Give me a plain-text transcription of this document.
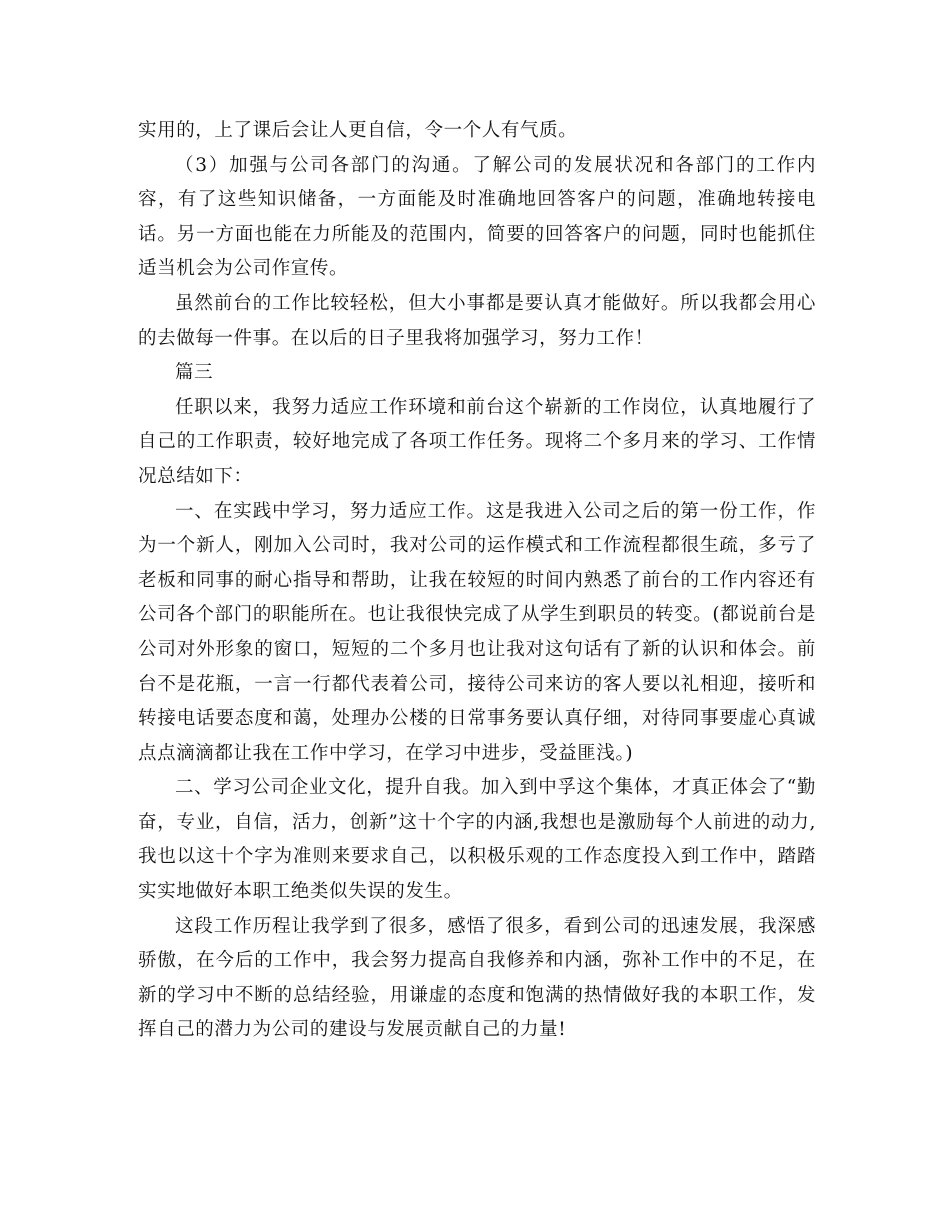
实用的，上了课后会让人更自信，令一个人有气质。

（3）加强与公司各部门的沟通。了解公司的发展状况和各部门的工作内容，有了这些知识储备，一方面能及时准确地回答客户的问题，准确地转接电话。另一方面也能在力所能及的范围内，简要的回答客户的问题，同时也能抓住适当机会为公司作宣传。

虽然前台的工作比较轻松，但大小事都是要认真才能做好。所以我都会用心的去做每一件事。在以后的日子里我将加强学习，努力工作！

篇三

任职以来，我努力适应工作环境和前台这个崭新的工作岗位，认真地履行了自己的工作职责，较好地完成了各项工作任务。现将二个多月来的学习、工作情况总结如下：

一、在实践中学习，努力适应工作。这是我进入公司之后的第一份工作，作为一个新人，刚加入公司时，我对公司的运作模式和工作流程都很生疏，多亏了老板和同事的耐心指导和帮助，让我在较短的时间内熟悉了前台的工作内容还有公司各个部门的职能所在。也让我很快完成了从学生到职员的转变。(都说前台是公司对外形象的窗口，短短的二个多月也让我对这句话有了新的认识和体会。前台不是花瓶，一言一行都代表着公司，接待公司来访的客人要以礼相迎，接听和转接电话要态度和蔼，处理办公楼的日常事务要认真仔细，对待同事要虚心真诚点点滴滴都让我在工作中学习，在学习中进步，受益匪浅。)

二、学习公司企业文化，提升自我。加入到中孚这个集体，才真正体会了“勤奋，专业，自信，活力，创新”这十个字的内涵,我想也是激励每个人前进的动力,我也以这十个字为准则来要求自己，以积极乐观的工作态度投入到工作中，踏踏实实地做好本职工绝类似失误的发生。

这段工作历程让我学到了很多，感悟了很多，看到公司的迅速发展，我深感骄傲，在今后的工作中，我会努力提高自我修养和内涵，弥补工作中的不足，在新的学习中不断的总结经验，用谦虚的态度和饱满的热情做好我的本职工作，发挥自己的潜力为公司的建设与发展贡献自己的力量!
